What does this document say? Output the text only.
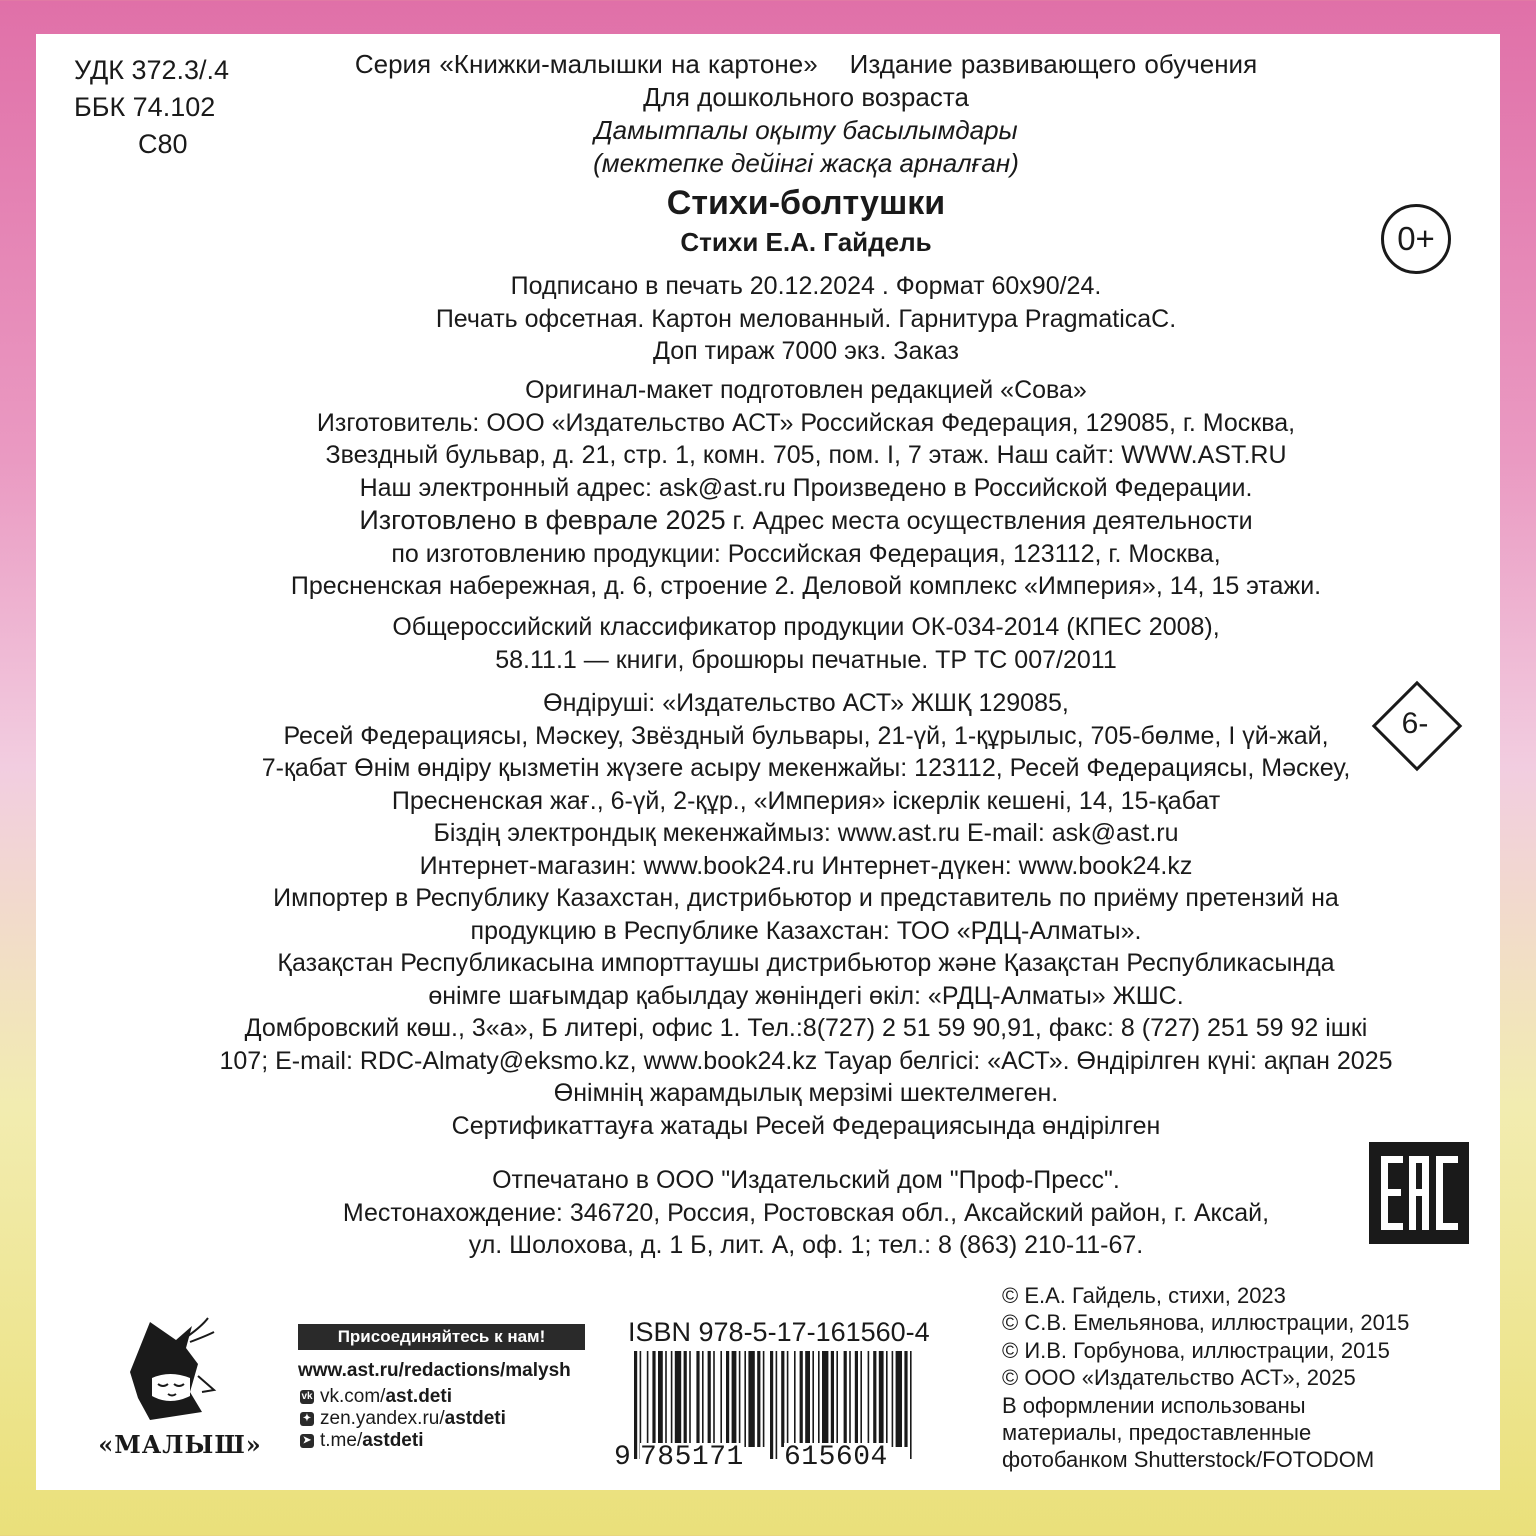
УДК 372.3/.4
ББК 74.102
С80
Серия «Книжки-малышки на картоне» Издание развивающего обучения
Для дошкольного возраста
Дамытпалы оқыту басылымдары
(мектепке дейінгі жасқа арналған)
Стихи-болтушки
Стихи Е.А. Гайдель	0+
Подписано в печать 20.12.2024 . Формат 60х90/24.
Печать офсетная. Картон мелованный. Гарнитура PragmaticaC.
Доп тираж 7000 экз. Заказ
Оригинал-макет подготовлен редакцией «Сова»
Изготовитель: ООО «Издательство АСТ» Российская Федерация, 129085, г. Москва,
Звездный бульвар, д. 21, стр. 1, комн. 705, пом. I, 7 этаж. Наш сайт: WWW.AST.RU
Наш электронный адрес: ask@ast.ru Произведено в Российской Федерации.
Изготовлено в феврале 2025 г. Адрес места осуществления деятельности
по изготовлению продукции: Российская Федерация, 123112, г. Москва,
Пресненская набережная, д. 6, строение 2. Деловой комплекс «Империя», 14, 15 этажи.
Общероссийский классификатор продукции ОК-034-2014 (КПЕС 2008),
58.11.1 — книги, брошюры печатные. ТР ТС 007/2011
6-
Өндіруші: «Издательство АСТ» ЖШҚ 129085,
Ресей Федерациясы, Мәскеу, Звёздный бульвары, 21-үй, 1-құрылыс, 705-бөлме, I үй-жай,
7-қабат Өнім өндіру қызметін жүзеге асыру мекенжайы: 123112, Ресей Федерациясы, Мәскеу,
Пресненская жағ., 6-үй, 2-құр., «Империя» іскерлік кешені, 14, 15-қабат
Біздің электрондық мекенжаймыз: www.ast.ru E-mail: ask@ast.ru
Интернет-магазин: www.book24.ru Интернет-дүкен: www.book24.kz
Импортер в Республику Казахстан, дистрибьютор и представитель по приёму претензий на
продукцию в Республике Казахстан: ТОО «РДЦ-Алматы».
Қазақстан Республикасына импорттаушы дистрибьютор және Қазақстан Республикасында
өнімге шағымдар қабылдау жөніндегі өкіл: «РДЦ-Алматы» ЖШС.
Домбровский көш., 3«а», Б литері, офис 1. Тел.:8(727) 2 51 59 90,91, факс: 8 (727) 251 59 92 ішкі
107; E-mail: RDC-Almaty@eksmo.kz, www.book24.kz Тауар белгісі: «АСТ». Өндірілген күні: ақпан 2025
Өнімнің жарамдылық мерзімі шектелмеген.
Сертификаттауға жатады Ресей Федерациясында өндірілген
Отпечатано в ООО "Издательский дом "Проф-Пресс".
Местонахождение: 346720, Россия, Ростовская обл., Аксайский район, г. Аксай,
ул. Шолохова, д. 1 Б, лит. А, оф. 1; тел.: 8 (863) 210-11-67.
«МАЛЫШ»
Присоединяйтесь к нам!
www.ast.ru/redactions/malysh
vk vk.com/ ast.deti
✦ zen.yandex.ru/ astdeti
➤ t.me/ astdeti
ISBN 978-5-17-161560-4
9 785171 615604
© Е.А. Гайдель, стихи, 2023
© С.В. Емельянова, иллюстрации, 2015
© И.В. Горбунова, иллюстрации, 2015
© ООО «Издательство АСТ», 2025
В оформлении использованы
материалы, предоставленные
фотобанком Shutterstock/FOTODOM
